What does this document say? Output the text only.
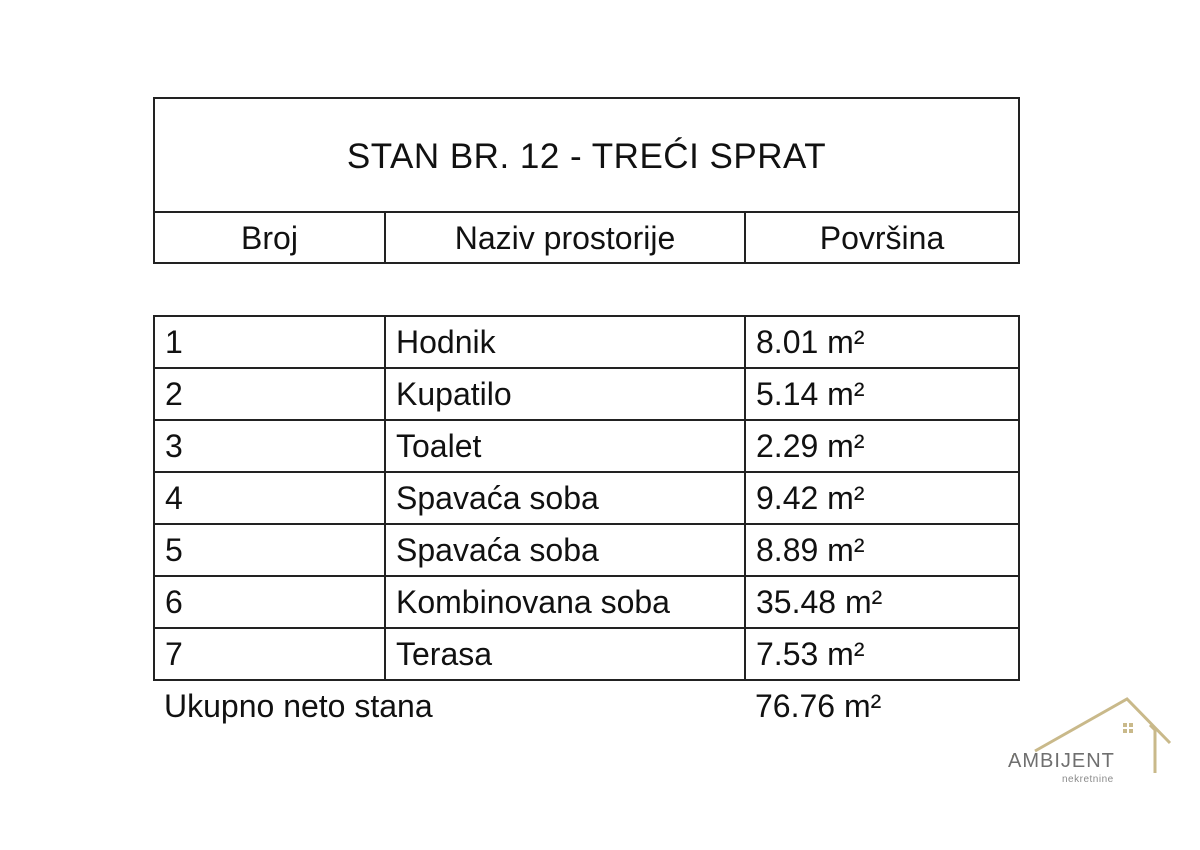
STAN BR. 12 - TREĆI SPRAT
Broj	Naziv prostorije	Površina
1	Hodnik	8.01 m²
2	Kupatilo	5.14 m²
3	Toalet	2.29 m²
4	Spavaća soba	9.42 m²
5	Spavaća soba	8.89 m²
6	Kombinovana soba	35.48 m²
7	Terasa	7.53 m²
Ukupno neto stana		76.76 m²
AMBIJENT
nekretnine
